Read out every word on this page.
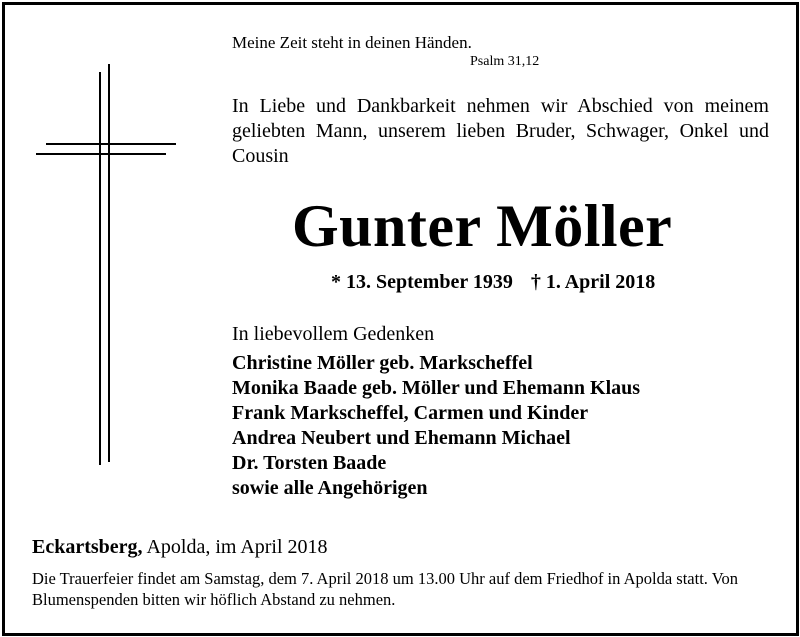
Meine Zeit steht in deinen Händen.
Psalm 31,12
In Liebe und Dankbarkeit nehmen wir Abschied von meinem geliebten Mann, unserem lieben Bruder, Schwager, Onkel und Cousin
Gunter Möller
* 13. September 1939 † 1. April 2018
In liebevollem Gedenken
Christine Möller geb. Markscheffel
Monika Baade geb. Möller und Ehemann Klaus
Frank Markscheffel, Carmen und Kinder
Andrea Neubert und Ehemann Michael
Dr. Torsten Baade
sowie alle Angehörigen
Eckartsberg, Apolda, im April 2018
Die Trauerfeier findet am Samstag, dem 7. April 2018 um 13.00 Uhr auf dem Friedhof in Apolda statt. Von Blumenspenden bitten wir höflich Abstand zu nehmen.
